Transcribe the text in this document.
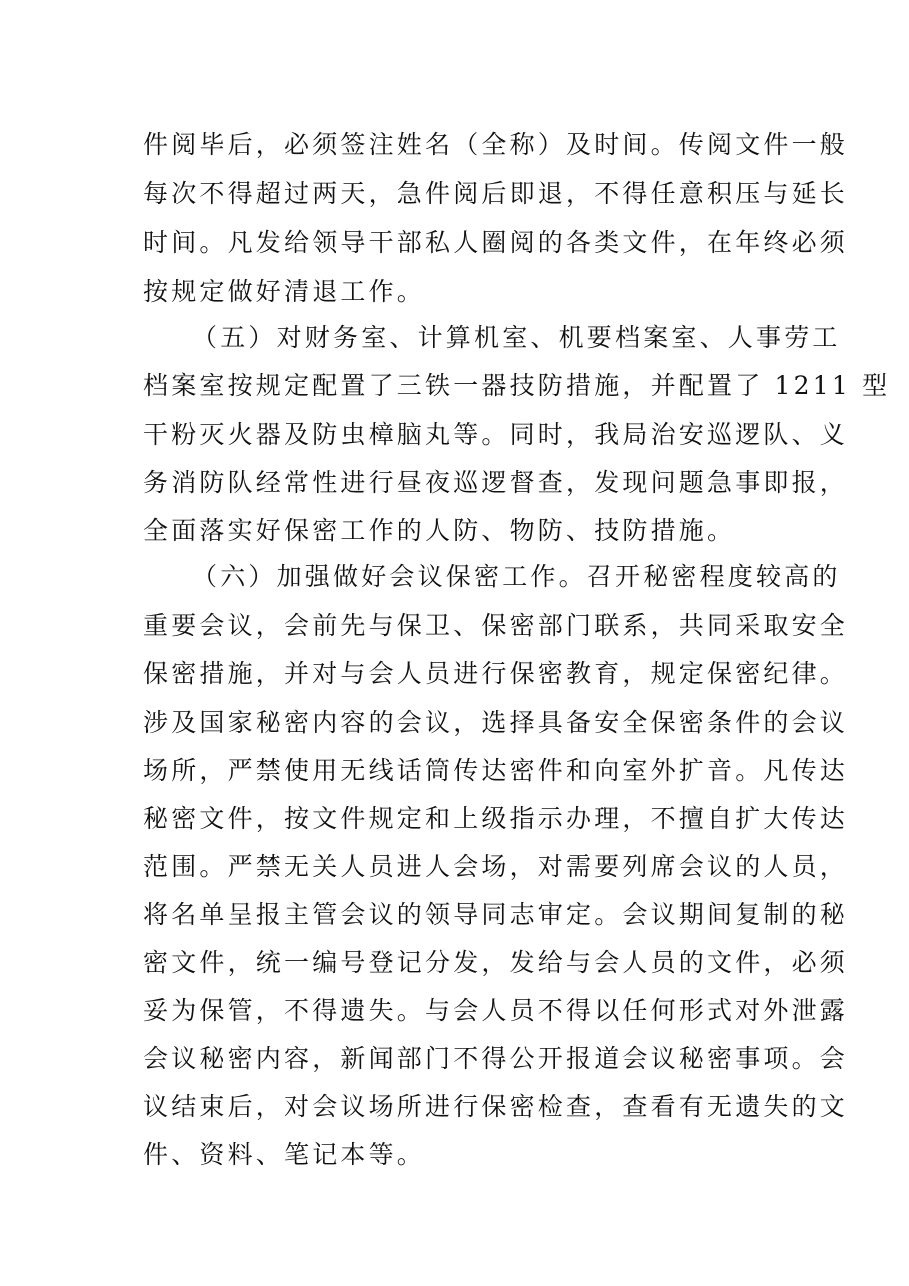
件阅毕后，必须签注姓名（全称）及时间。传阅文件一般
每次不得超过两天，急件阅后即退，不得任意积压与延长
时间。凡发给领导干部私人圈阅的各类文件，在年终必须
按规定做好清退工作。
（五）对财务室、计算机室、机要档案室、人事劳工
档案室按规定配置了三铁一器技防措施，并配置了 1211 型
干粉灭火器及防虫樟脑丸等。同时，我局治安巡逻队、义
务消防队经常性进行昼夜巡逻督查，发现问题急事即报，
全面落实好保密工作的人防、物防、技防措施。
（六）加强做好会议保密工作。召开秘密程度较高的
重要会议，会前先与保卫、保密部门联系，共同采取安全
保密措施，并对与会人员进行保密教育，规定保密纪律。
涉及国家秘密内容的会议，选择具备安全保密条件的会议
场所，严禁使用无线话筒传达密件和向室外扩音。凡传达
秘密文件，按文件规定和上级指示办理，不擅自扩大传达
范围。严禁无关人员进人会场，对需要列席会议的人员，
将名单呈报主管会议的领导同志审定。会议期间复制的秘
密文件，统一编号登记分发，发给与会人员的文件，必须
妥为保管，不得遗失。与会人员不得以任何形式对外泄露
会议秘密内容，新闻部门不得公开报道会议秘密事项。会
议结束后，对会议场所进行保密检查，查看有无遗失的文
件、资料、笔记本等。
